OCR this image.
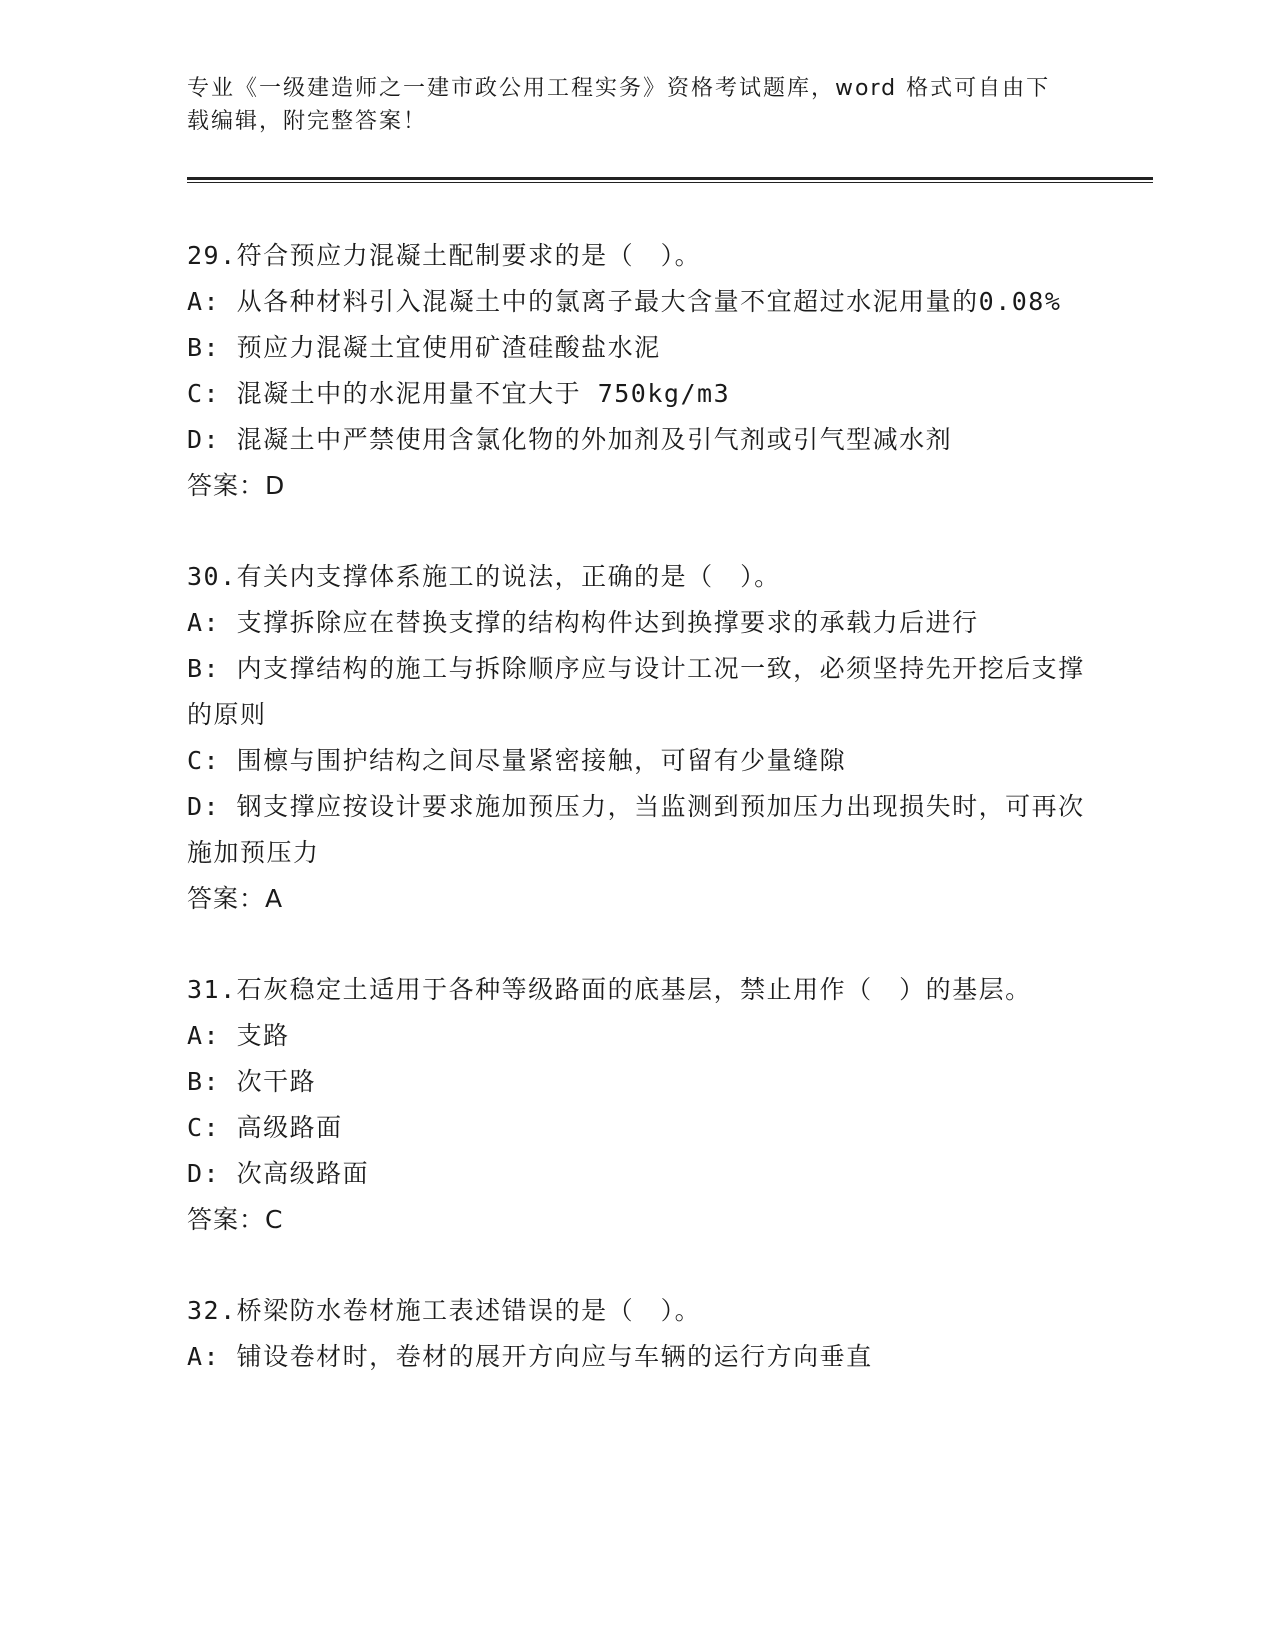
专业《一级建造师之一建市政公用工程实务》资格考试题库，word 格式可自由下
载编辑，附完整答案！
29.符合预应力混凝土配制要求的是（　）。
A: 从各种材料引入混凝土中的氯离子最大含量不宜超过水泥用量的0.08%
B: 预应力混凝土宜使用矿渣硅酸盐水泥
C: 混凝土中的水泥用量不宜大于 750kg/m3
D: 混凝土中严禁使用含氯化物的外加剂及引气剂或引气型减水剂
答案：D
30.有关内支撑体系施工的说法，正确的是（　）。
A: 支撑拆除应在替换支撑的结构构件达到换撑要求的承载力后进行
B: 内支撑结构的施工与拆除顺序应与设计工况一致，必须坚持先开挖后支撑的原则
C: 围檩与围护结构之间尽量紧密接触，可留有少量缝隙
D: 钢支撑应按设计要求施加预压力，当监测到预加压力出现损失时，可再次施加预压力
答案：A
31.石灰稳定土适用于各种等级路面的底基层，禁止用作（　）的基层。
A: 支路
B: 次干路
C: 高级路面
D: 次高级路面
答案：C
32.桥梁防水卷材施工表述错误的是（　）。
A: 铺设卷材时，卷材的展开方向应与车辆的运行方向垂直
